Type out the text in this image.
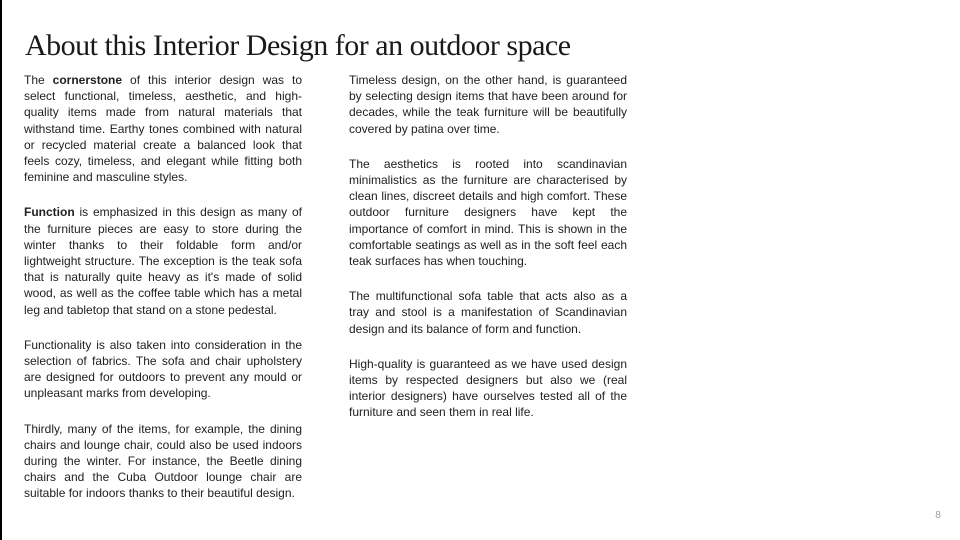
About this Interior Design for an outdoor space

The cornerstone of this interior design was to select functional, timeless, aesthetic, and high-quality items made from natural materials that withstand time. Earthy tones combined with natural or recycled material create a balanced look that feels cozy, timeless, and elegant while fitting both feminine and masculine styles.

Function is emphasized in this design as many of the furniture pieces are easy to store during the winter thanks to their foldable form and/or lightweight structure. The exception is the teak sofa that is naturally quite heavy as it's made of solid wood, as well as the coffee table which has a metal leg and tabletop that stand on a stone pedestal.

Functionality is also taken into consideration in the selection of fabrics. The sofa and chair upholstery are designed for outdoors to prevent any mould or unpleasant marks from developing.

Thirdly, many of the items, for example, the dining chairs and lounge chair, could also be used indoors during the winter. For instance, the Beetle dining chairs and the Cuba Outdoor lounge chair are suitable for indoors thanks to their beautiful design.

Timeless design, on the other hand, is guaranteed by selecting design items that have been around for decades, while the teak furniture will be beautifully covered by patina over time.

The aesthetics is rooted into scandinavian minimalistics as the furniture are characterised by clean lines, discreet details and high comfort. These outdoor furniture designers have kept the importance of comfort in mind. This is shown in the comfortable seatings as well as in the soft feel each teak surfaces has when touching.

The multifunctional sofa table that acts also as a tray and stool is a manifestation of Scandinavian design and its balance of form and function.

High-quality is guaranteed as we have used design items by respected designers but also we (real interior designers) have ourselves tested all of the furniture and seen them in real life.

8
